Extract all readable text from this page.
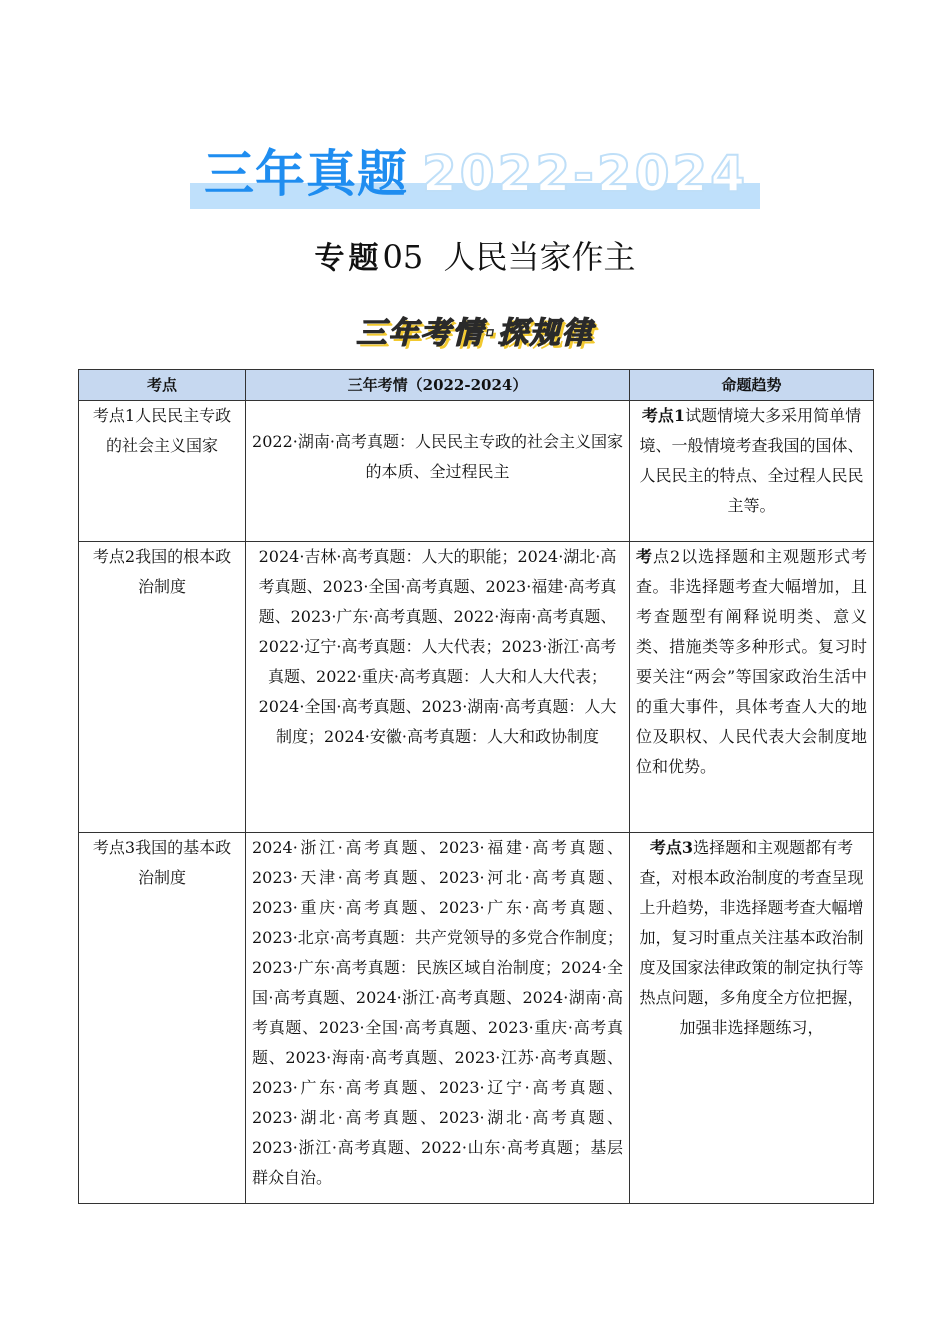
三年真题 2022-2024
专题05 人民当家作主
三年考情·探规律
考点	三年考情（2022-2024）	命题趋势
考点1人民民主专政的社会主义国家	2022·湖南·高考真题：人民民主专政的社会主义国家的本质、全过程民主	考点1试题情境大多采用简单情境、一般情境考查我国的国体、人民民主的特点、全过程人民民主等。
考点2我国的根本政治制度	2024·吉林·高考真题：人大的职能；2024·湖北·高考真题、2023·全国·高考真题、2023·福建·高考真题、2023·广东·高考真题、2022·海南·高考真题、2022·辽宁·高考真题：人大代表；2023·浙江·高考真题、2022·重庆·高考真题：人大和人大代表；2024·全国·高考真题、2023·湖南·高考真题：人大制度；2024·安徽·高考真题：人大和政协制度	考点2以选择题和主观题形式考查。非选择题考查大幅增加，且考查题型有阐释说明类、意义类、措施类等多种形式。复习时要关注“两会”等国家政治生活中的重大事件，具体考查人大的地位及职权、人民代表大会制度地位和优势。
考点3我国的基本政治制度	2024·浙江·高考真题、2023·福建·高考真题、2023·天津·高考真题、2023·河北·高考真题、2023·重庆·高考真题、2023·广东·高考真题、2023·北京·高考真题：共产党领导的多党合作制度；2023·广东·高考真题：民族区域自治制度；2024·全国·高考真题、2024·浙江·高考真题、2024·湖南·高考真题、2023·全国·高考真题、2023·重庆·高考真题、2023·海南·高考真题、2023·江苏·高考真题、2023·广东·高考真题、2023·辽宁·高考真题、2023·湖北·高考真题、2023·湖北·高考真题、2023·浙江·高考真题、2022·山东·高考真题；基层群众自治。	考点3选择题和主观题都有考查，对根本政治制度的考查呈现上升趋势，非选择题考查大幅增加，复习时重点关注基本政治制度及国家法律政策的制定执行等热点问题，多角度全方位把握，加强非选择题练习，
